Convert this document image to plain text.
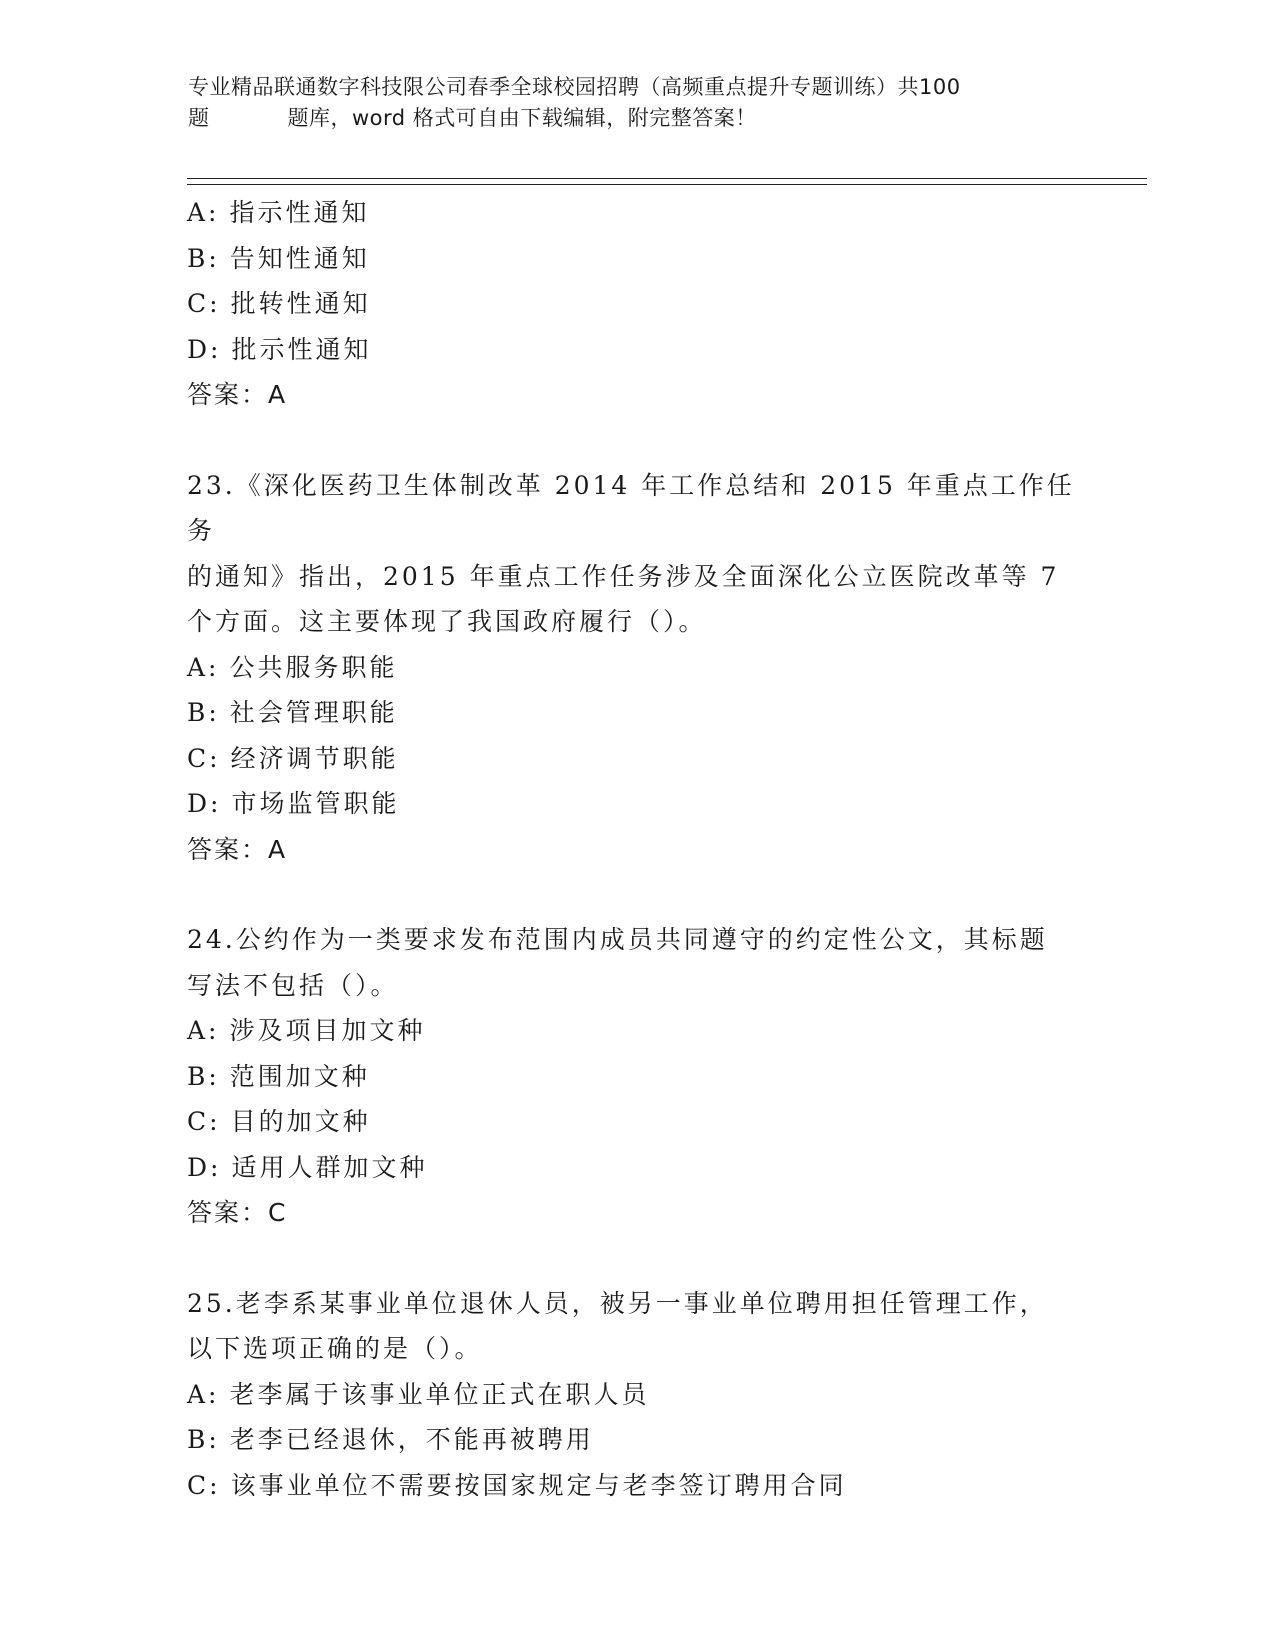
专业精品联通数字科技限公司春季全球校园招聘（高频重点提升专题训练）共100
题	题库，word 格式可自由下载编辑，附完整答案！
A: 指示性通知
B: 告知性通知
C: 批转性通知
D: 批示性通知
答案：A
23.《深化医药卫生体制改革 2014 年工作总结和 2015 年重点工作任务
的通知》指出，2015 年重点工作任务涉及全面深化公立医院改革等 7
个方面。这主要体现了我国政府履行（）。
A: 公共服务职能
B: 社会管理职能
C: 经济调节职能
D: 市场监管职能
答案：A
24.公约作为一类要求发布范围内成员共同遵守的约定性公文，其标题
写法不包括（）。
A: 涉及项目加文种
B: 范围加文种
C: 目的加文种
D: 适用人群加文种
答案：C
25.老李系某事业单位退休人员，被另一事业单位聘用担任管理工作，
以下选项正确的是（）。
A: 老李属于该事业单位正式在职人员
B: 老李已经退休，不能再被聘用
C: 该事业单位不需要按国家规定与老李签订聘用合同
